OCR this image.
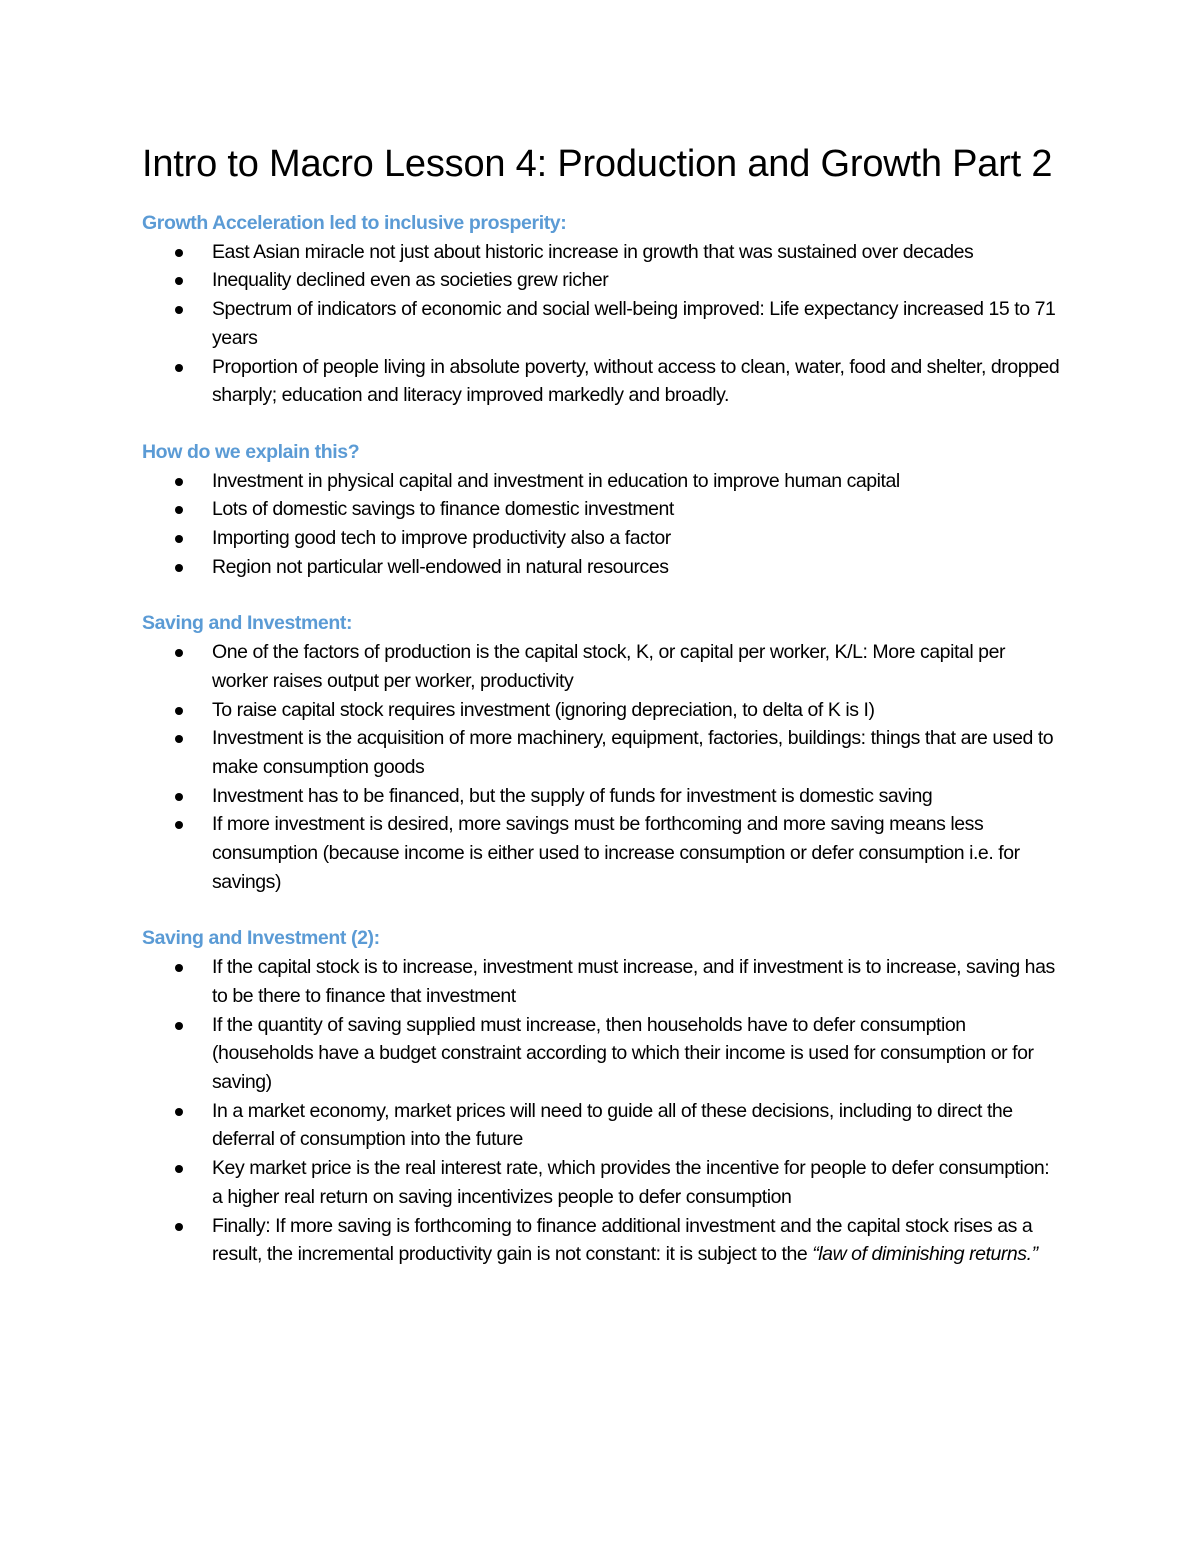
Intro to Macro Lesson 4: Production and Growth Part 2
Growth Acceleration led to inclusive prosperity:
East Asian miracle not just about historic increase in growth that was sustained over decades
Inequality declined even as societies grew richer
Spectrum of indicators of economic and social well-being improved: Life expectancy increased 15 to 71 years
Proportion of people living in absolute poverty, without access to clean, water, food and shelter, dropped sharply; education and literacy improved markedly and broadly.
How do we explain this?
Investment in physical capital and investment in education to improve human capital
Lots of domestic savings to finance domestic investment
Importing good tech to improve productivity also a factor
Region not particular well-endowed in natural resources
Saving and Investment:
One of the factors of production is the capital stock, K, or capital per worker, K/L: More capital per worker raises output per worker, productivity
To raise capital stock requires investment (ignoring depreciation, to delta of K is I)
Investment is the acquisition of more machinery, equipment, factories, buildings: things that are used to make consumption goods
Investment has to be financed, but the supply of funds for investment is domestic saving
If more investment is desired, more savings must be forthcoming and more saving means less consumption (because income is either used to increase consumption or defer consumption i.e. for savings)
Saving and Investment (2):
If the capital stock is to increase, investment must increase, and if investment is to increase, saving has to be there to finance that investment
If the quantity of saving supplied must increase, then households have to defer consumption (households have a budget constraint according to which their income is used for consumption or for saving)
In a market economy, market prices will need to guide all of these decisions, including to direct the deferral of consumption into the future
Key market price is the real interest rate, which provides the incentive for people to defer consumption: a higher real return on saving incentivizes people to defer consumption
Finally: If more saving is forthcoming to finance additional investment and the capital stock rises as a result, the incremental productivity gain is not constant: it is subject to the “law of diminishing returns.”
